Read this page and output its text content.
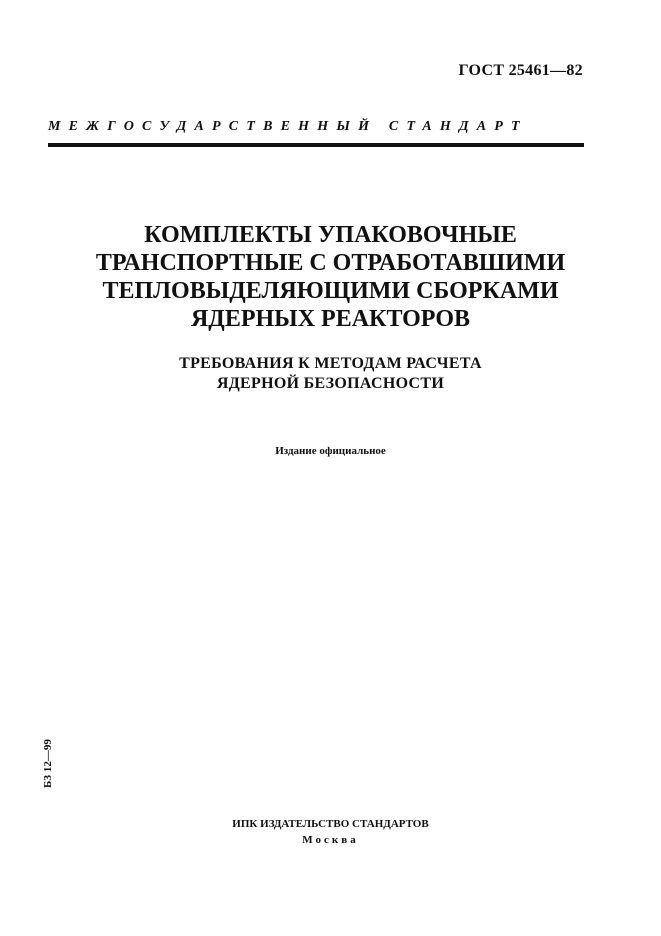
ГОСТ 25461—82
МЕЖГОСУДАРСТВЕННЫЙ СТАНДАРТ
КОМПЛЕКТЫ УПАКОВОЧНЫЕ
ТРАНСПОРТНЫЕ С ОТРАБОТАВШИМИ
ТЕПЛОВЫДЕЛЯЮЩИМИ СБОРКАМИ
ЯДЕРНЫХ РЕАКТОРОВ
ТРЕБОВАНИЯ К МЕТОДАМ РАСЧЕТА
ЯДЕРНОЙ БЕЗОПАСНОСТИ
Издание официальное
БЗ 12—99
ИПК ИЗДАТЕЛЬСТВО СТАНДАРТОВ
Москва
